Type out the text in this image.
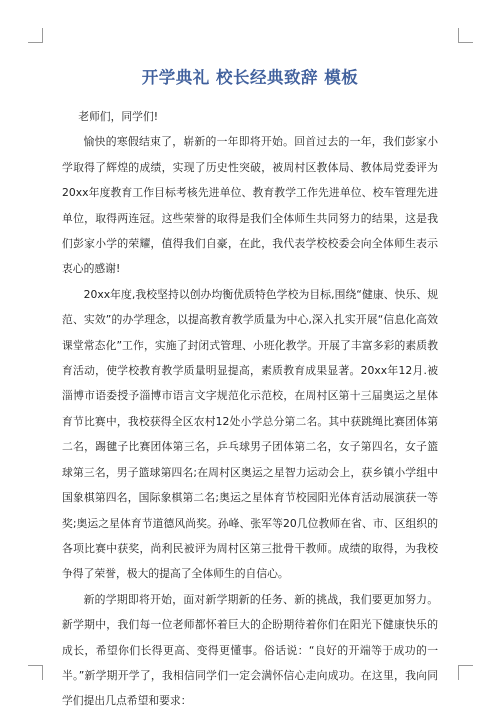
开学典礼 校长经典致辞 模板

老师们，同学们!

愉快的寒假结束了，崭新的一年即将开始。回首过去的一年，我们彭家小学取得了辉煌的成绩，实现了历史性突破，被周村区教体局、教体局党委评为20xx年度教育工作目标考核先进单位、教育教学工作先进单位、校车管理先进单位，取得两连冠。这些荣誉的取得是我们全体师生共同努力的结果，这是我们彭家小学的荣耀，值得我们自豪，在此，我代表学校校委会向全体师生表示衷心的感谢!

20xx年度,我校坚持以创办均衡优质特色学校为目标,围绕“健康、快乐、规范、实效”的办学理念，以提高教育教学质量为中心,深入扎实开展“信息化高效课堂常态化”工作，实施了封闭式管理、小班化教学。开展了丰富多彩的素质教育活动，使学校教育教学质量明显提高，素质教育成果显著。20xx年12月.被淄博市语委授予淄博市语言文字规范化示范校，在周村区第十三届奥运之星体育节比赛中，我校获得全区农村12处小学总分第二名。其中获跳绳比赛团体第二名，踢毽子比赛团体第三名，乒乓球男子团体第二名，女子第四名，女子篮球第三名，男子篮球第四名;在周村区奥运之星智力运动会上，获乡镇小学组中国象棋第四名，国际象棋第二名;奥运之星体育节校园阳光体育活动展演获一等奖;奥运之星体育节道德风尚奖。孙峰、张军等20几位教师在省、市、区组织的各项比赛中获奖，尚利民被评为周村区第三批骨干教师。成绩的取得，为我校争得了荣誉，极大的提高了全体师生的自信心。

新的学期即将开始，面对新学期新的任务、新的挑战，我们要更加努力。新学期中，我们每一位老师都怀着巨大的企盼期待着你们在阳光下健康快乐的成长，希望你们长得更高、变得更懂事。俗话说：“良好的开端等于成功的一半。”新学期开学了，我相信同学们一定会满怀信心走向成功。在这里，我向同学们提出几点希望和要求：
